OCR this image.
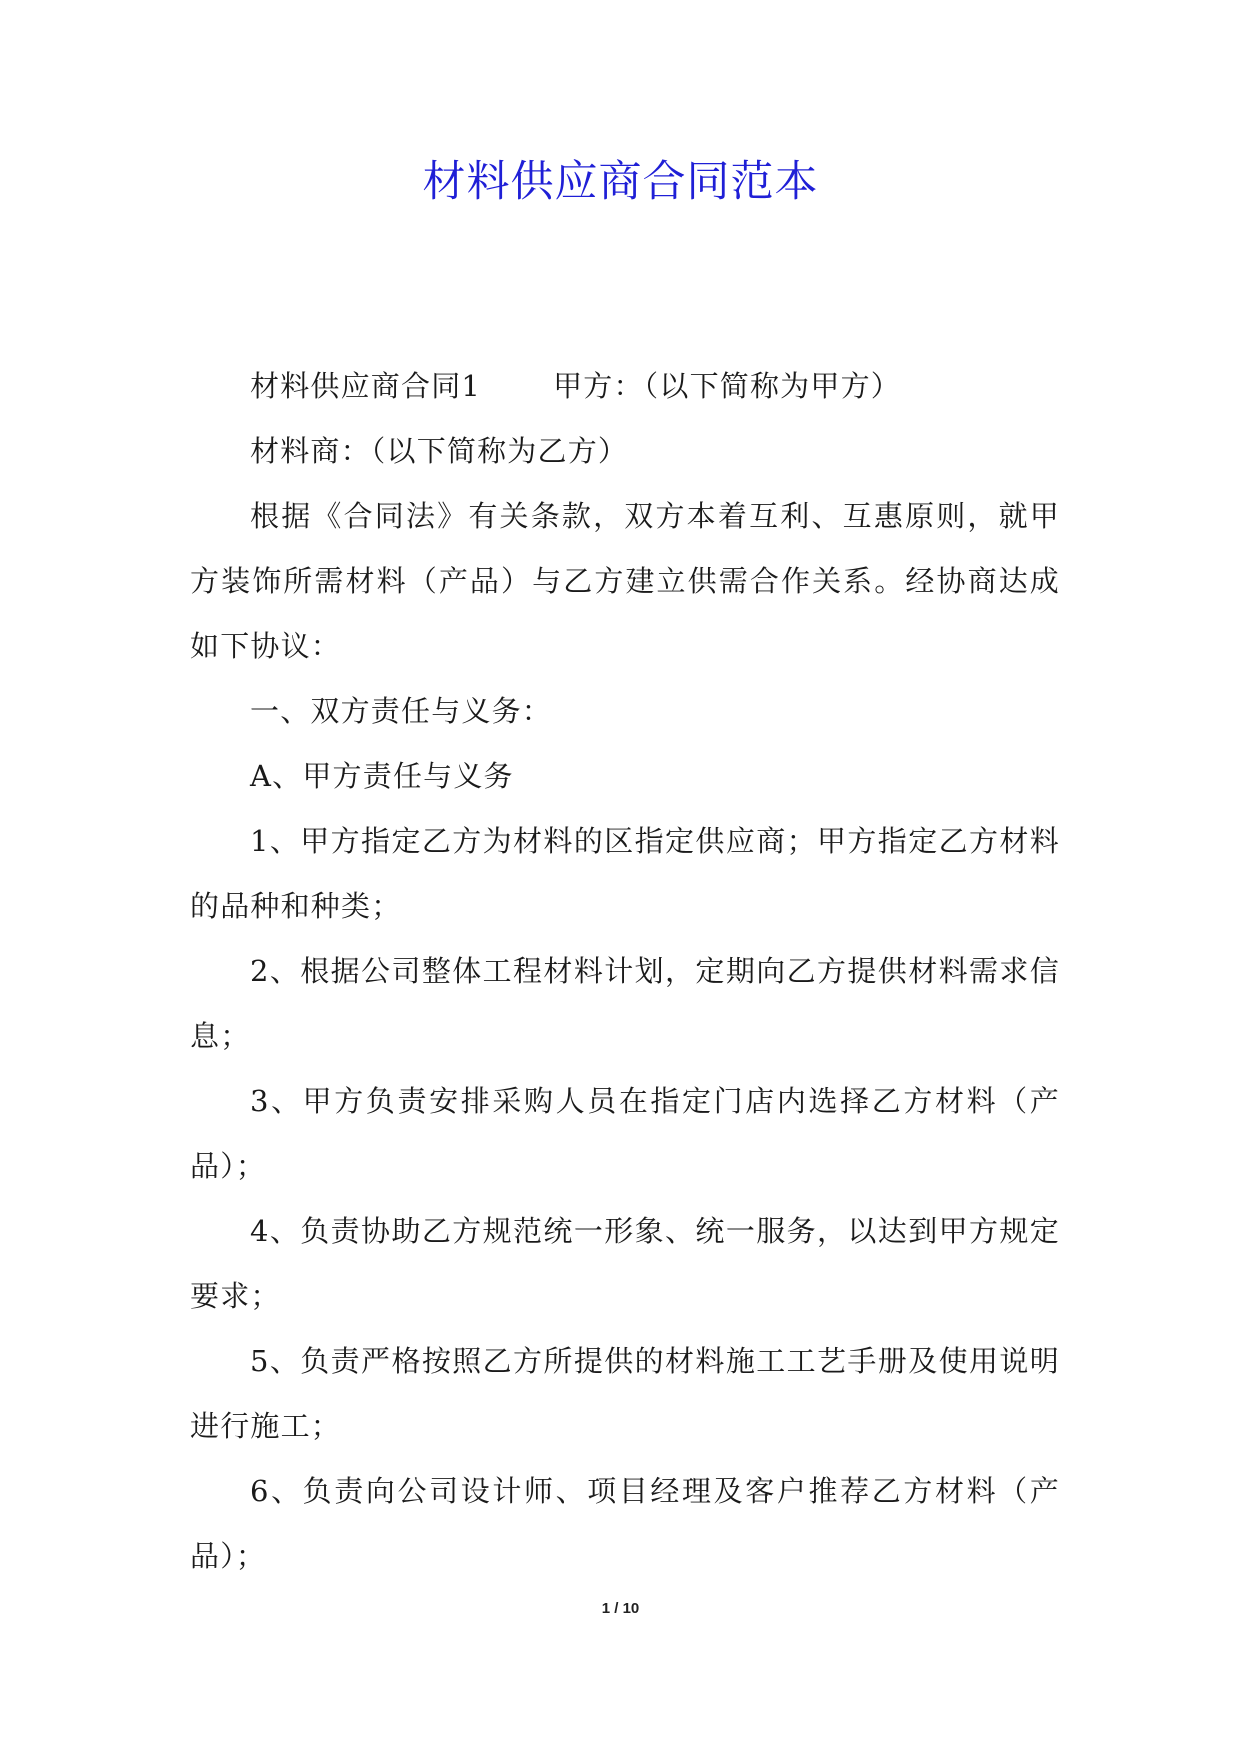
材料供应商合同范本

材料供应商合同1 甲方：（以下简称为甲方）

材料商：（以下简称为乙方）

根据《合同法》有关条款，双方本着互利、互惠原则，就甲方装饰所需材料（产品）与乙方建立供需合作关系。经协商达成如下协议：

一、双方责任与义务：

A、甲方责任与义务

1、甲方指定乙方为材料的区指定供应商；甲方指定乙方材料的品种和种类；

2、根据公司整体工程材料计划，定期向乙方提供材料需求信息；

3、甲方负责安排采购人员在指定门店内选择乙方材料（产品）；

4、负责协助乙方规范统一形象、统一服务，以达到甲方规定要求；

5、负责严格按照乙方所提供的材料施工工艺手册及使用说明进行施工；

6、负责向公司设计师、项目经理及客户推荐乙方材料（产品）；

1 / 10
